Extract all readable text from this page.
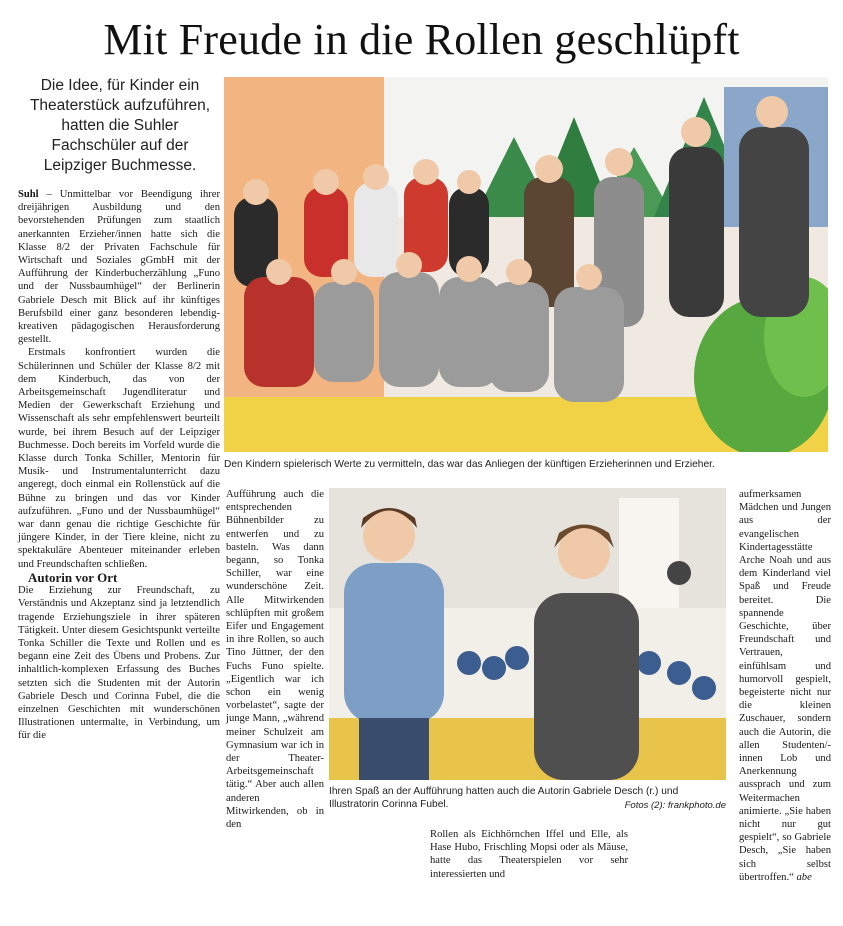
Mit Freude in die Rollen geschlüpft
Die Idee, für Kinder ein Theaterstück aufzuführen, hatten die Suhler Fachschüler auf der Leipziger Buchmesse.
Den Kindern spielerisch Werte zu vermitteln, das war das Anliegen der künftigen Erzieherinnen und Erzieher.
Ihren Spaß an der Aufführung hatten auch die Autorin Gabriele Desch (r.) und Illustratorin Corinna Fubel.	Fotos (2): frankphoto.de

Suhl – Unmittelbar vor Beendigung ihrer dreijährigen Ausbildung und den bevorstehenden Prüfungen zum staatlich anerkannten Erzieher/innen hatte sich die Klasse 8/2 der Privaten Fachschule für Wirtschaft und Soziales gGmbH mit der Aufführung der Kinderbucherzählung „Funo und der Nussbaumhügel“ der Berlinerin Gabriele Desch mit Blick auf ihr künftiges Berufsbild einer ganz besonderen lebendig-kreativen pädagogischen Herausforderung gestellt.

Erstmals konfrontiert wurden die Schülerinnen und Schüler der Klasse 8/2 mit dem Kinderbuch, das von der Arbeitsgemeinschaft Jugendliteratur und Medien der Gewerkschaft Erziehung und Wissenschaft als sehr empfehlenswert beurteilt wurde, bei ihrem Besuch auf der Leipziger Buchmesse. Doch bereits im Vorfeld wurde die Klasse durch Tonka Schiller, Mentorin für Musik- und Instrumentalunterricht dazu angeregt, doch einmal ein Rollenstück auf die Bühne zu bringen und das vor Kinder aufzuführen. „Funo und der Nussbaumhügel“ war dann genau die richtige Geschichte für jüngere Kinder, in der Tiere kleine, nicht zu spektakuläre Abenteuer miteinander erleben und Freundschaften schließen.

Autorin vor Ort

Die Erziehung zur Freundschaft, zu Verständnis und Akzeptanz sind ja letztendlich tragende Erziehungsziele in ihrer späteren Tätigkeit. Unter diesem Gesichtspunkt verteilte Tonka Schiller die Texte und Rollen und es begann eine Zeit des Übens und Probens. Zur inhaltlich-komplexen Erfassung des Buches setzten sich die Studenten mit der Autorin Gabriele Desch und Corinna Fubel, die die einzelnen Geschichten mit wunderschönen Illustrationen untermalte, in Verbindung, um für die

Aufführung auch die entsprechenden Bühnenbilder zu entwerfen und zu basteln. Was dann begann, so Tonka Schiller, war eine wunderschöne Zeit. Alle Mitwirkenden schlüpften mit großem Eifer und Engagement in ihre Rollen, so auch Tino Jüttner, der den Fuchs Funo spielte. „Eigentlich war ich schon ein wenig vorbelastet“, sagte der junge Mann, „während meiner Schulzeit am Gymnasium war ich in der Theater-Arbeitsgemeinschaft tätig.“ Aber auch allen anderen Mitwirkenden, ob in den

Rollen als Eichhörnchen Iffel und Elle, als Hase Hubo, Frischling Mopsi oder als Mäuse, hatte das Theaterspielen vor sehr interessierten und

aufmerksamen Mädchen und Jungen aus der evangelischen Kindertagesstätte Arche Noah und aus dem Kinderland viel Spaß und Freude bereitet. Die spannende Geschichte, über Freundschaft und Vertrauen, einfühlsam und humorvoll gespielt, begeisterte nicht nur die kleinen Zuschauer, sondern auch die Autorin, die allen Studenten/-innen Lob und Anerkennung aussprach und zum Weitermachen animierte. „Sie haben nicht nur gut gespielt“, so Gabriele Desch, „Sie haben sich selbst übertroffen.“ abe
